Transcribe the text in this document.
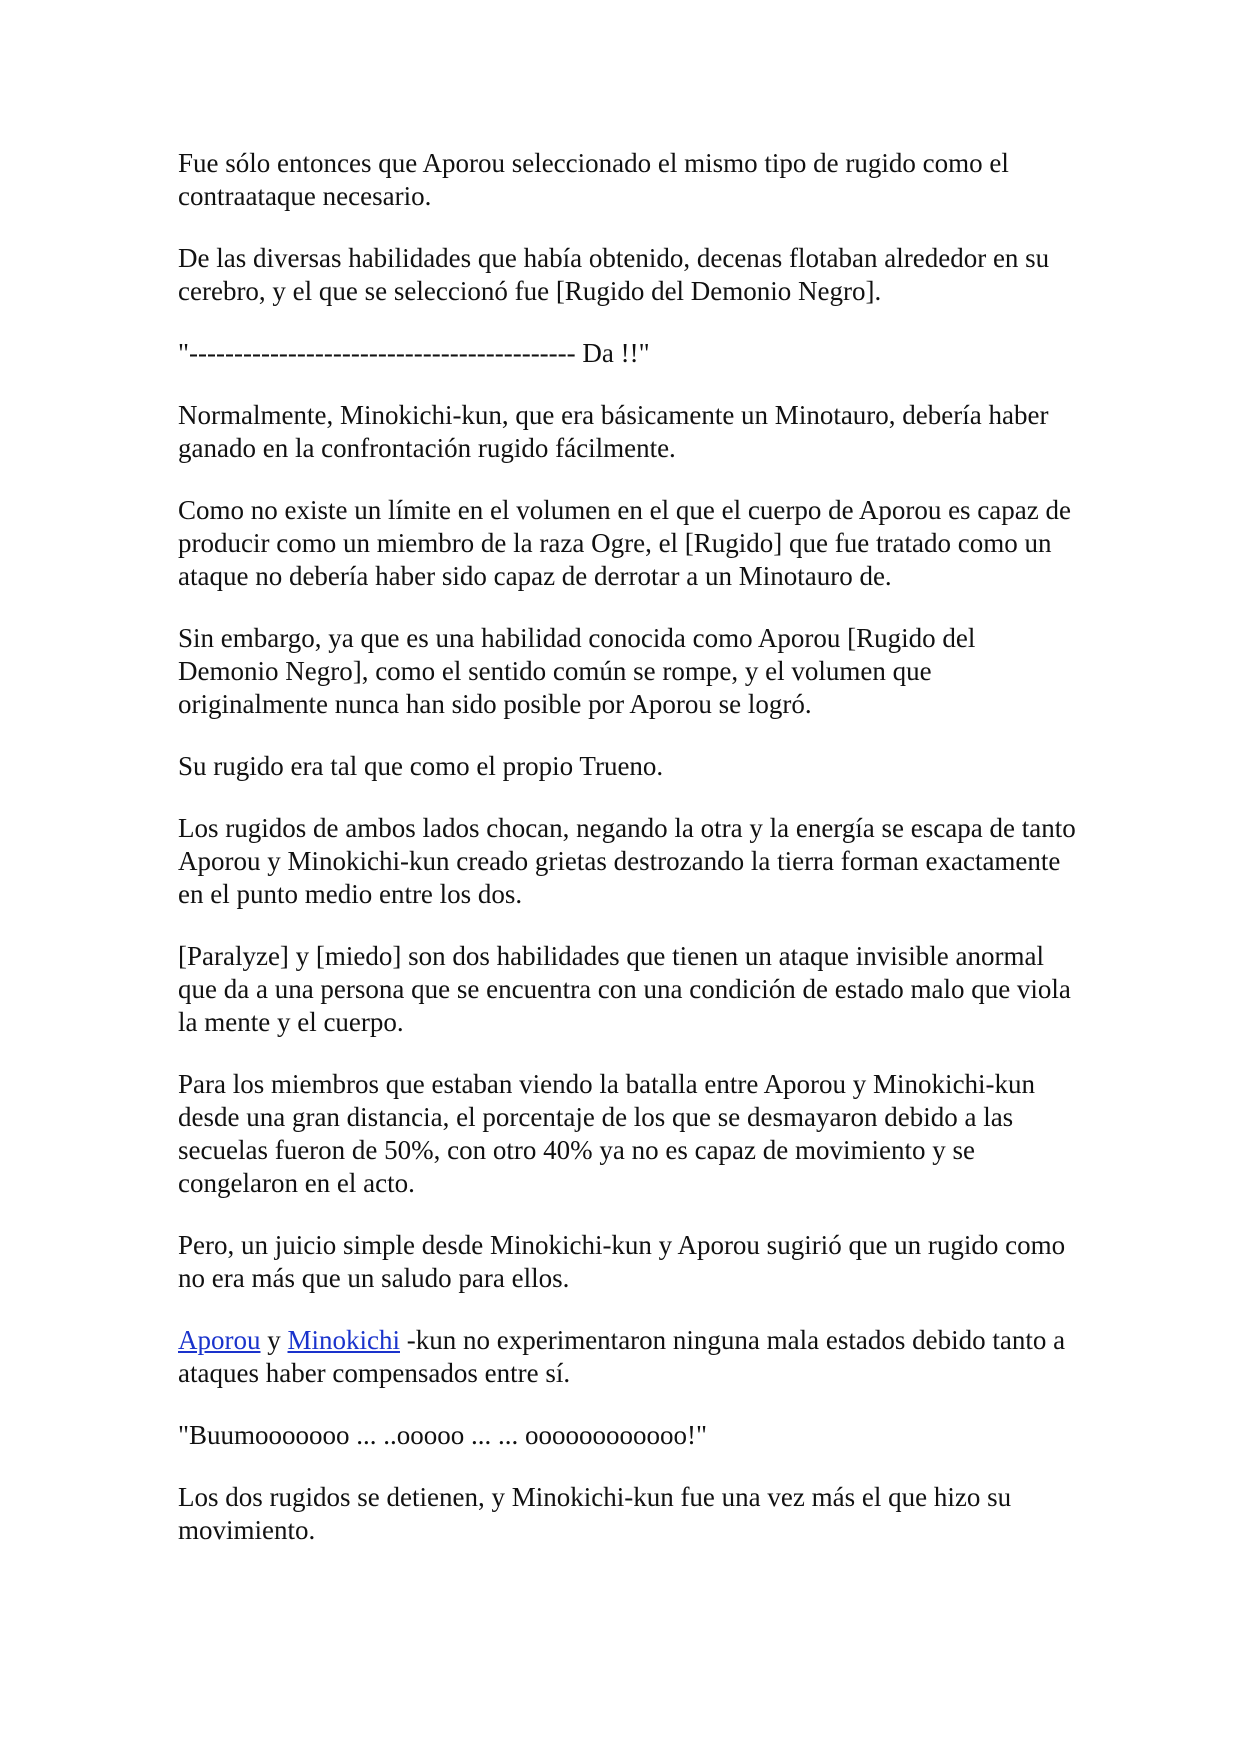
Fue sólo entonces que Aporou seleccionado el mismo tipo de rugido como el contraataque necesario.

De las diversas habilidades que había obtenido, decenas flotaban alrededor en su cerebro, y el que se seleccionó fue [Rugido del Demonio Negro].

"------------------------------------------- Da !!"

Normalmente, Minokichi-kun, que era básicamente un Minotauro, debería haber ganado en la confrontación rugido fácilmente.

Como no existe un límite en el volumen en el que el cuerpo de Aporou es capaz de producir como un miembro de la raza Ogre, el [Rugido] que fue tratado como un ataque no debería haber sido capaz de derrotar a un Minotauro de.

Sin embargo, ya que es una habilidad conocida como Aporou [Rugido del Demonio Negro], como el sentido común se rompe, y el volumen que originalmente nunca han sido posible por Aporou se logró.

Su rugido era tal que como el propio Trueno.

Los rugidos de ambos lados chocan, negando la otra y la energía se escapa de tanto Aporou y Minokichi-kun creado grietas destrozando la tierra forman exactamente en el punto medio entre los dos.

[Paralyze] y [miedo] son dos habilidades que tienen un ataque invisible anormal que da a una persona que se encuentra con una condición de estado malo que viola la mente y el cuerpo.

Para los miembros que estaban viendo la batalla entre Aporou y Minokichi-kun desde una gran distancia, el porcentaje de los que se desmayaron debido a las secuelas fueron de 50%, con otro 40% ya no es capaz de movimiento y se congelaron en el acto.

Pero, un juicio simple desde Minokichi-kun y Aporou sugirió que un rugido como no era más que un saludo para ellos.

Aporou y Minokichi -kun no experimentaron ninguna mala estados debido tanto a ataques haber compensados entre sí.

"Buumooooooo ... ..ooooo ... ... oooooooooooo!"

Los dos rugidos se detienen, y Minokichi-kun fue una vez más el que hizo su movimiento.
